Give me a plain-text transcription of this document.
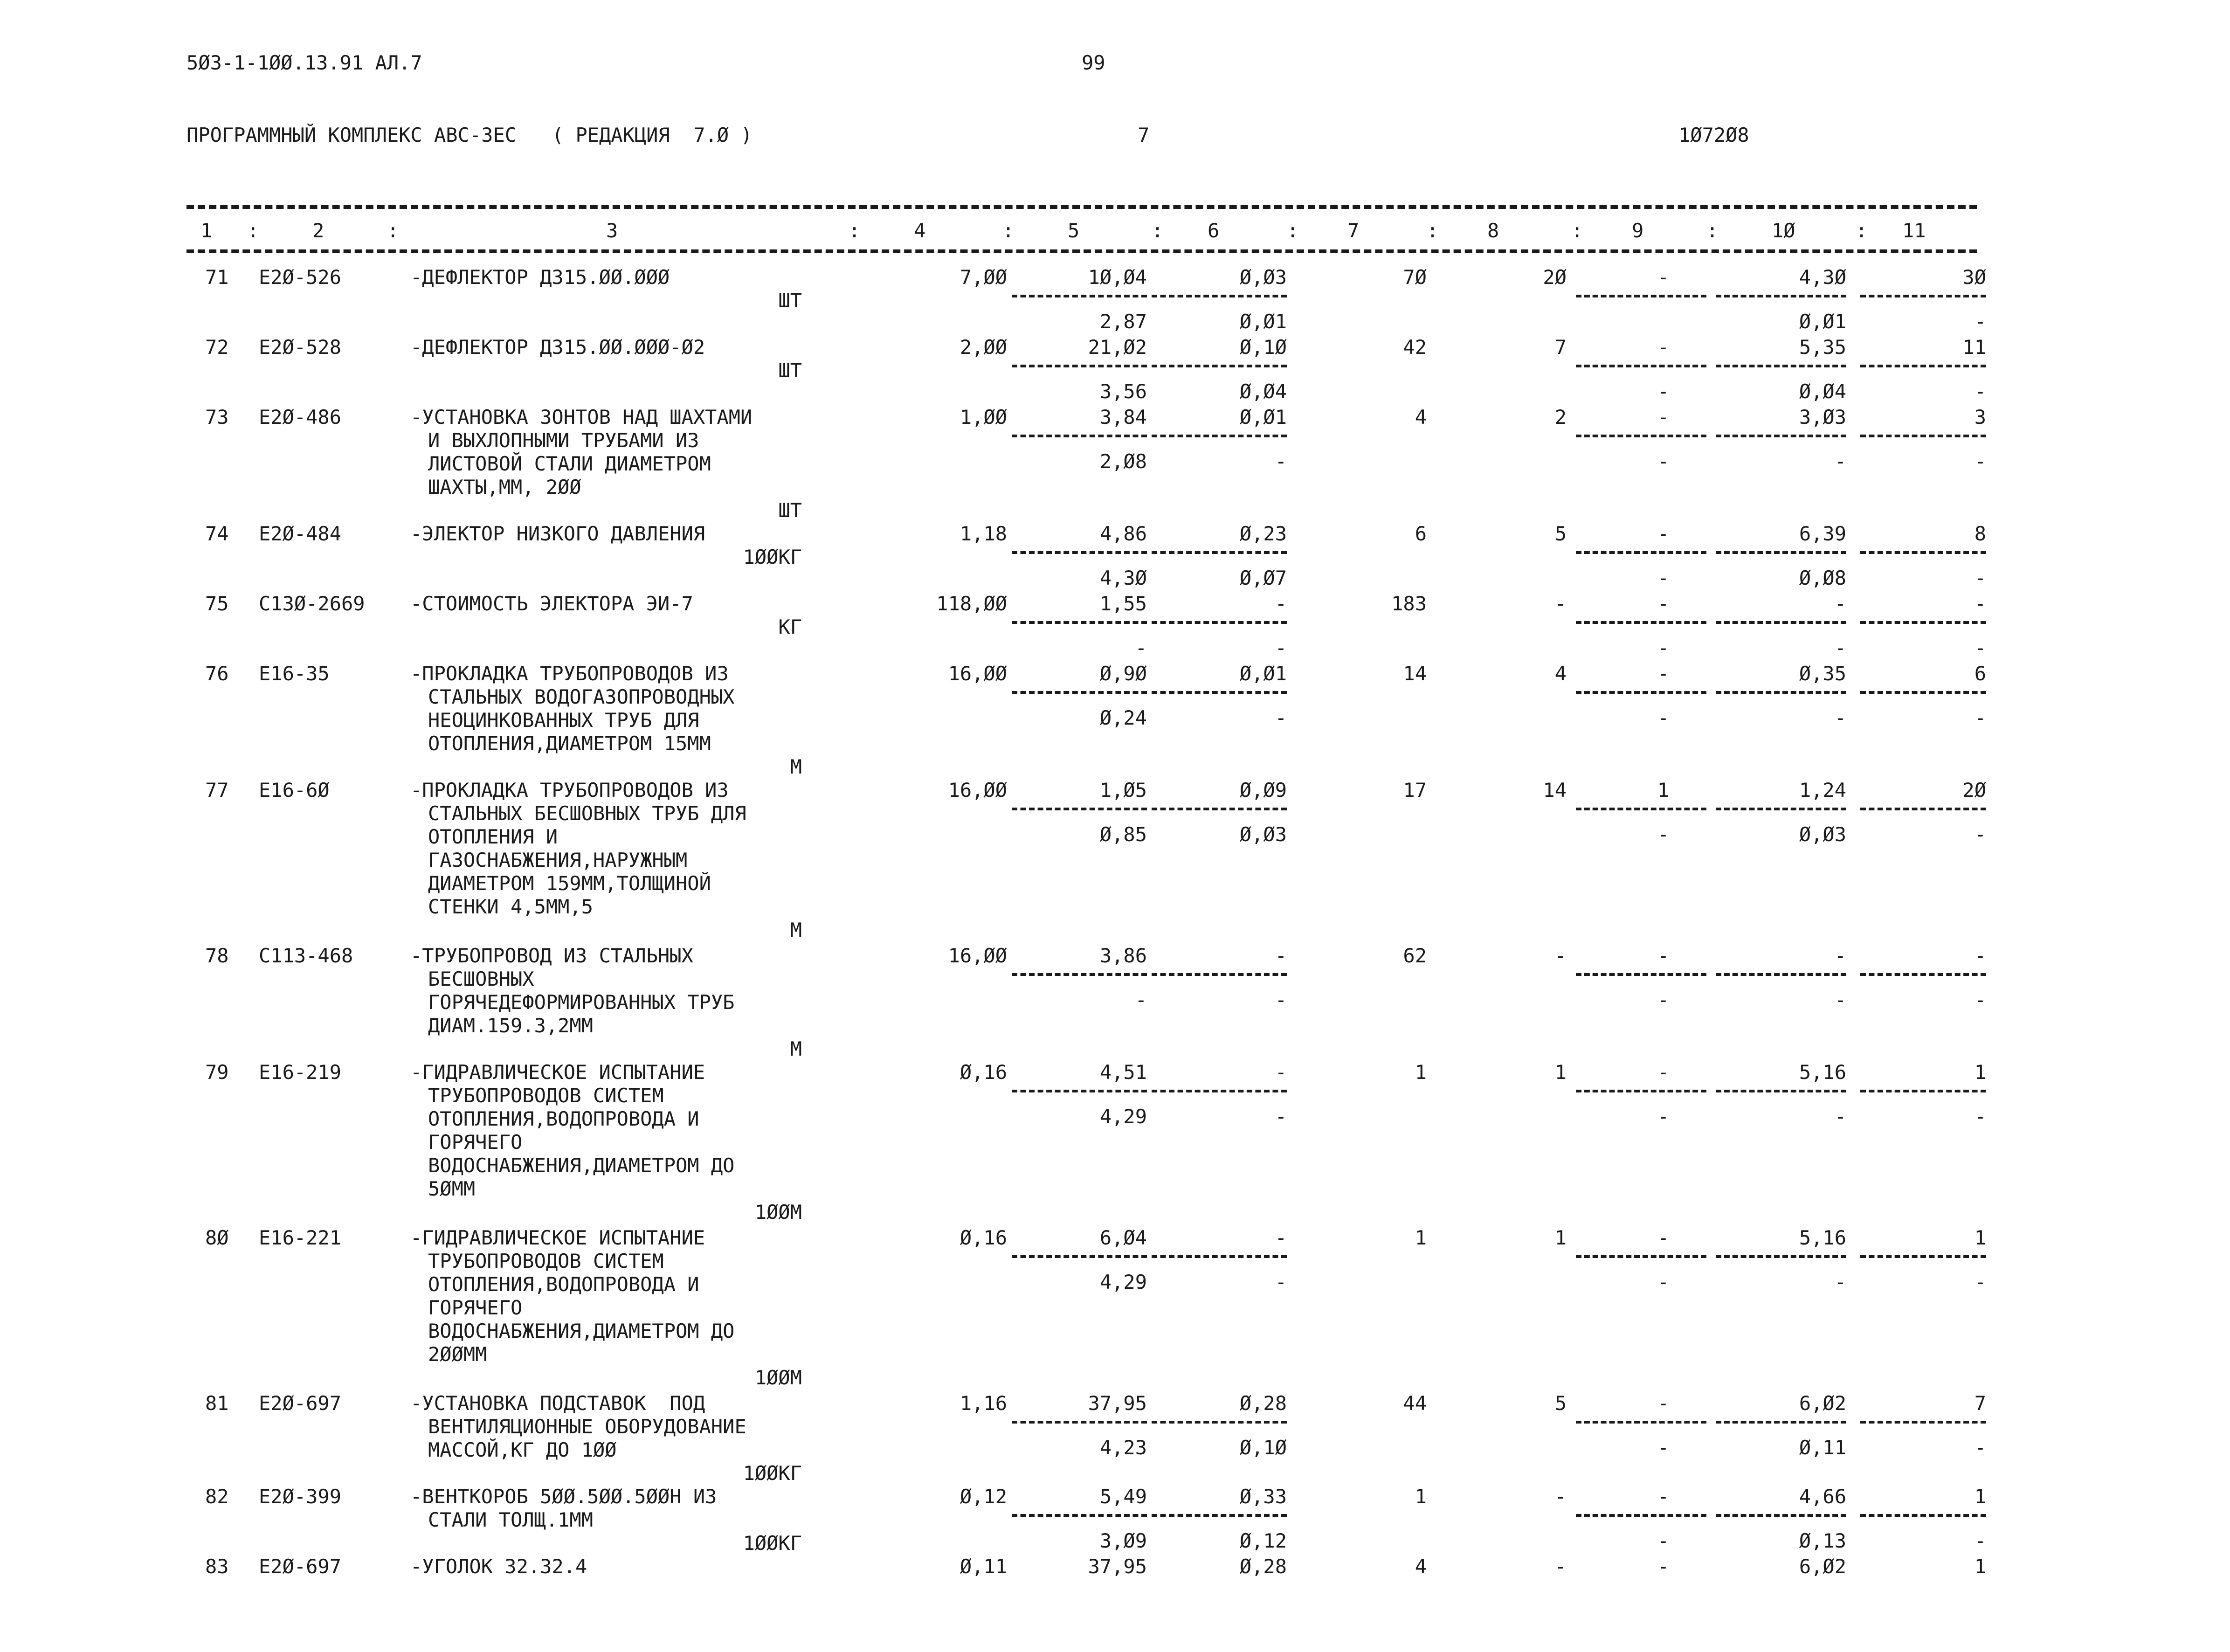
5Ø3-1-1ØØ.13.91 АЛ.7	99
ПРОГРАММНЫЙ КОМПЛЕКС АВС-3ЕС   ( РЕДАКЦИЯ  7.Ø )	7	1Ø72Ø8
1	2	3	4	5	6	7	8	9	1Ø	11
:	:	:	:	:	:	:	:	:	:
71 Е2Ø-526	-ДЕФЛЕКТОР Д315.ØØ.ØØØ
ШТ
7,ØØ	1Ø,Ø4	Ø,Ø3	7Ø	2Ø	-	4,3Ø	3Ø
2,87	Ø,Ø1	Ø,Ø1	-
72 Е2Ø-528	-ДЕФЛЕКТОР Д315.ØØ.ØØØ-Ø2
ШТ
2,ØØ	21,Ø2	Ø,1Ø	42	7	-	5,35	11
3,56	Ø,Ø4	-	Ø,Ø4	-
73 Е2Ø-486	-УСТАНОВКА ЗОНТОВ НАД ШАХТАМИ
И ВЫХЛОПНЫМИ ТРУБАМИ ИЗ
ЛИСТОВОЙ СТАЛИ ДИАМЕТРОМ
ШАХТЫ,ММ, 2ØØ
ШТ
1,ØØ	3,84	Ø,Ø1	4	2	-	3,Ø3	3
2,Ø8	-	-	-	-
74 Е2Ø-484	-ЭЛЕКТОР НИЗКОГО ДАВЛЕНИЯ
1ØØКГ
1,18	4,86	Ø,23	6	5	-	6,39	8
4,3Ø	Ø,Ø7	-	Ø,Ø8	-
75 С13Ø-2669 -СТОИМОСТЬ ЭЛЕКТОРА ЭИ-7
КГ
118,ØØ	1,55	-	183	-	-	-	-
-	-	-	-	-
76 Е16-35	-ПРОКЛАДКА ТРУБОПРОВОДОВ ИЗ
СТАЛЬНЫХ ВОДОГАЗОПРОВОДНЫХ
НЕОЦИНКОВАННЫХ ТРУБ ДЛЯ
ОТОПЛЕНИЯ,ДИАМЕТРОМ 15ММ
М
16,ØØ	Ø,9Ø	Ø,Ø1	14	4	-	Ø,35	6
Ø,24	-	-	-	-
77 Е16-6Ø	-ПРОКЛАДКА ТРУБОПРОВОДОВ ИЗ
СТАЛЬНЫХ БЕСШОВНЫХ ТРУБ ДЛЯ
ОТОПЛЕНИЯ И
ГАЗОСНАБЖЕНИЯ,НАРУЖНЫМ
ДИАМЕТРОМ 159ММ,ТОЛЩИНОЙ
СТЕНКИ 4,5ММ,5
М
16,ØØ	1,Ø5	Ø,Ø9	17	14	1	1,24	2Ø
Ø,85	Ø,Ø3	-	Ø,Ø3	-
78 С113-468	-ТРУБОПРОВОД ИЗ СТАЛЬНЫХ
БЕСШОВНЫХ
ГОРЯЧЕДЕФОРМИРОВАННЫХ ТРУБ
ДИАМ.159.3,2ММ
М
16,ØØ	3,86	-	62	-	-	-	-
-	-	-	-	-
79 Е16-219	-ГИДРАВЛИЧЕСКОЕ ИСПЫТАНИЕ
ТРУБОПРОВОДОВ СИСТЕМ
ОТОПЛЕНИЯ,ВОДОПРОВОДА И
ГОРЯЧЕГО
ВОДОСНАБЖЕНИЯ,ДИАМЕТРОМ ДО
5ØММ
1ØØМ
Ø,16	4,51	-	1	1	-	5,16	1
4,29	-	-	-	-
8Ø Е16-221	-ГИДРАВЛИЧЕСКОЕ ИСПЫТАНИЕ
ТРУБОПРОВОДОВ СИСТЕМ
ОТОПЛЕНИЯ,ВОДОПРОВОДА И
ГОРЯЧЕГО
ВОДОСНАБЖЕНИЯ,ДИАМЕТРОМ ДО
2ØØММ
1ØØМ
Ø,16	6,Ø4	-	1	1	-	5,16	1
4,29	-	-	-	-
81 Е2Ø-697	-УСТАНОВКА ПОДСТАВОК  ПОД
ВЕНТИЛЯЦИОННЫЕ ОБОРУДОВАНИЕ
МАССОЙ,КГ ДО 1ØØ
1ØØКГ
1,16	37,95	Ø,28	44	5	-	6,Ø2	7
4,23	Ø,1Ø	-	Ø,11	-
82 Е2Ø-399	-ВЕНТКОРОБ 5ØØ.5ØØ.5ØØН ИЗ
СТАЛИ ТОЛЩ.1ММ
1ØØКГ
Ø,12	5,49	Ø,33	1	-	-	4,66	1
3,Ø9	Ø,12	-	Ø,13	-
83 Е2Ø-697	-УГОЛОК 32.32.4	Ø,11	37,95	Ø,28	4	-	-	6,Ø2	1
